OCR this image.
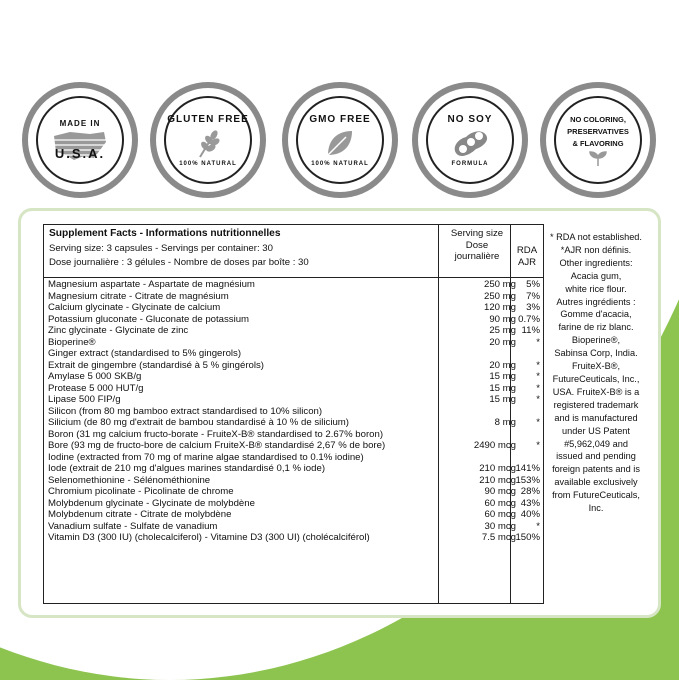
MADE IN
U.S.A.
GLUTEN FREE
100% NATURAL
GMO FREE
100% NATURAL
NO SOY
FORMULA
NO COLORING,
PRESERVATIVES
& FLAVORING
Supplement Facts - Informations nutritionnelles
Serving size: 3 capsules - Servings per container: 30
Dose journalière : 3 gélules - Nombre de doses par boîte : 30
Serving size
Dose
journalière
RDA
AJR
Magnesium aspartate - Aspartate de magnésium	250 mg	5%
Magnesium citrate - Citrate de magnésium	250 mg	7%
Calcium glycinate - Glycinate de calcium	120 mg	3%
Potassium gluconate - Gluconate de potassium	90 mg 0.7%
Zinc glycinate - Glycinate de zinc	25 mg 11%
Bioperine®	20 mg	*
Ginger extract (standardised to 5% gingerols)
Extrait de gingembre (standardisé à 5 % gingérols)	20 mg	*
Amylase 5 000 SKB/g	15 mg	*
Protease 5 000 HUT/g	15 mg	*
Lipase 500 FIP/g	15 mg	*
Silicon (from 80 mg bamboo extract standardised to 10% silicon)
Silicium (de 80 mg d'extrait de bambou standardisé à 10 % de silicium)	8 mg	*
Boron (31 mg calcium fructo-borate - FruiteX-B® standardised to 2.67% boron)
Bore (93 mg de fructo-bore de calcium FruiteX-B® standardisé 2,67 % de bore)	2490 mcg	*
Iodine (extracted from 70 mg of marine algae standardised to 0.1% iodine)
Iode (extrait de 210 mg d'algues marines standardisé 0,1 % iode)	210 mcg 141%
Selenomethionine - Sélénométhionine	210 mcg 153%
Chromium picolinate - Picolinate de chrome	90 mcg 28%
Molybdenum glycinate - Glycinate de molybdène	60 mcg 43%
Molybdenum citrate - Citrate de molybdène	60 mcg 40%
Vanadium sulfate - Sulfate de vanadium	30 mcg	*
Vitamin D3 (300 IU) (cholecalciferol) - Vitamine D3 (300 UI) (cholécalciférol)	7.5 mcg 150%
* RDA not established.
*AJR non définis.
Other ingredients:
Acacia gum,
white rice flour.
Autres ingrédients :
Gomme d'acacia,
farine de riz blanc.
Bioperine®,
Sabinsa Corp, India.
FruiteX-B®,
FutureCeuticals, Inc.,
USA. FruiteX-B® is a
registered trademark
and is manufactured
under US Patent
#5,962,049 and
issued and pending
foreign patents and is
available exclusively
from FutureCeuticals,
Inc.
